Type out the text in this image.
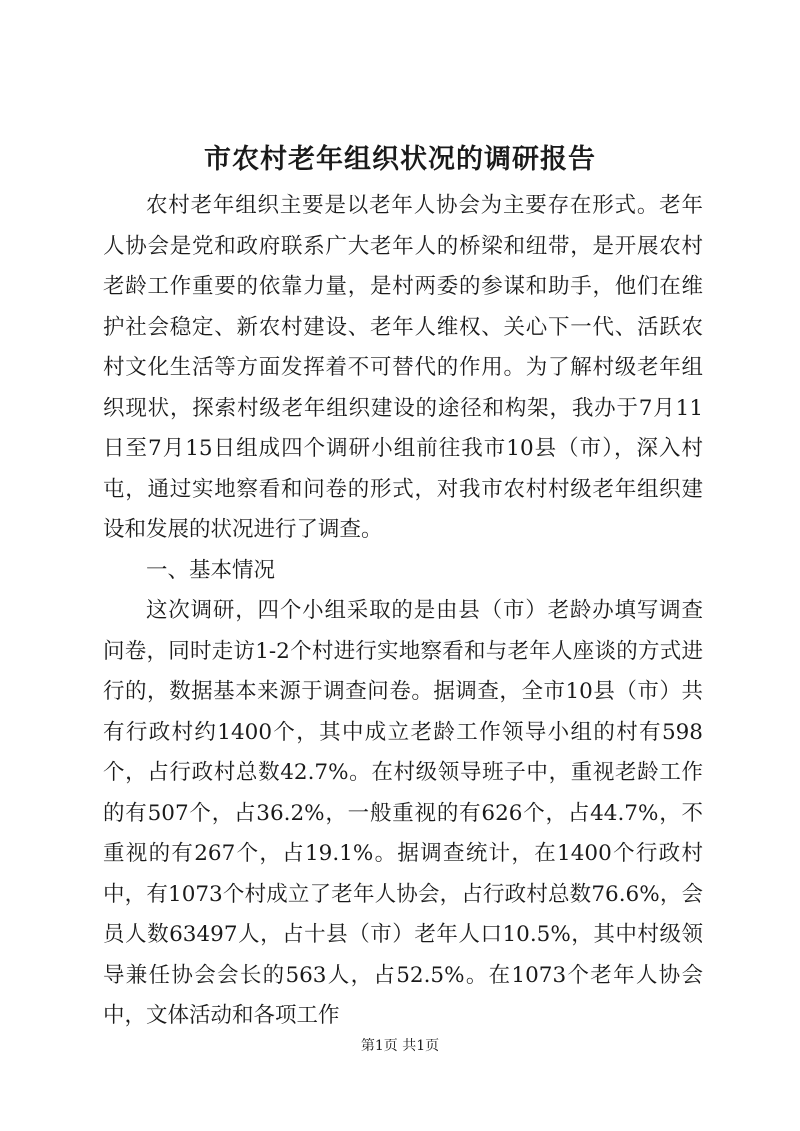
市农村老年组织状况的调研报告

农村老年组织主要是以老年人协会为主要存在形式。老年人协会是党和政府联系广大老年人的桥梁和纽带，是开展农村老龄工作重要的依靠力量，是村两委的参谋和助手，他们在维护社会稳定、新农村建设、老年人维权、关心下一代、活跃农村文化生活等方面发挥着不可替代的作用。为了解村级老年组织现状，探索村级老年组织建设的途径和构架，我办于7月11日至7月15日组成四个调研小组前往我市10县（市），深入村屯，通过实地察看和问卷的形式，对我市农村村级老年组织建设和发展的状况进行了调查。

一、基本情况

这次调研，四个小组采取的是由县（市）老龄办填写调查问卷，同时走访1-2个村进行实地察看和与老年人座谈的方式进行的，数据基本来源于调查问卷。据调查，全市10县（市）共有行政村约1400个，其中成立老龄工作领导小组的村有598个，占行政村总数42.7%。在村级领导班子中，重视老龄工作的有507个，占36.2%，一般重视的有626个，占44.7%，不重视的有267个，占19.1%。据调查统计，在1400个行政村中，有1073个村成立了老年人协会，占行政村总数76.6%，会员人数63497人，占十县（市）老年人口10.5%，其中村级领导兼任协会会长的563人，占52.5%。在1073个老年人协会中，文体活动和各项工作

第1页 共1页
